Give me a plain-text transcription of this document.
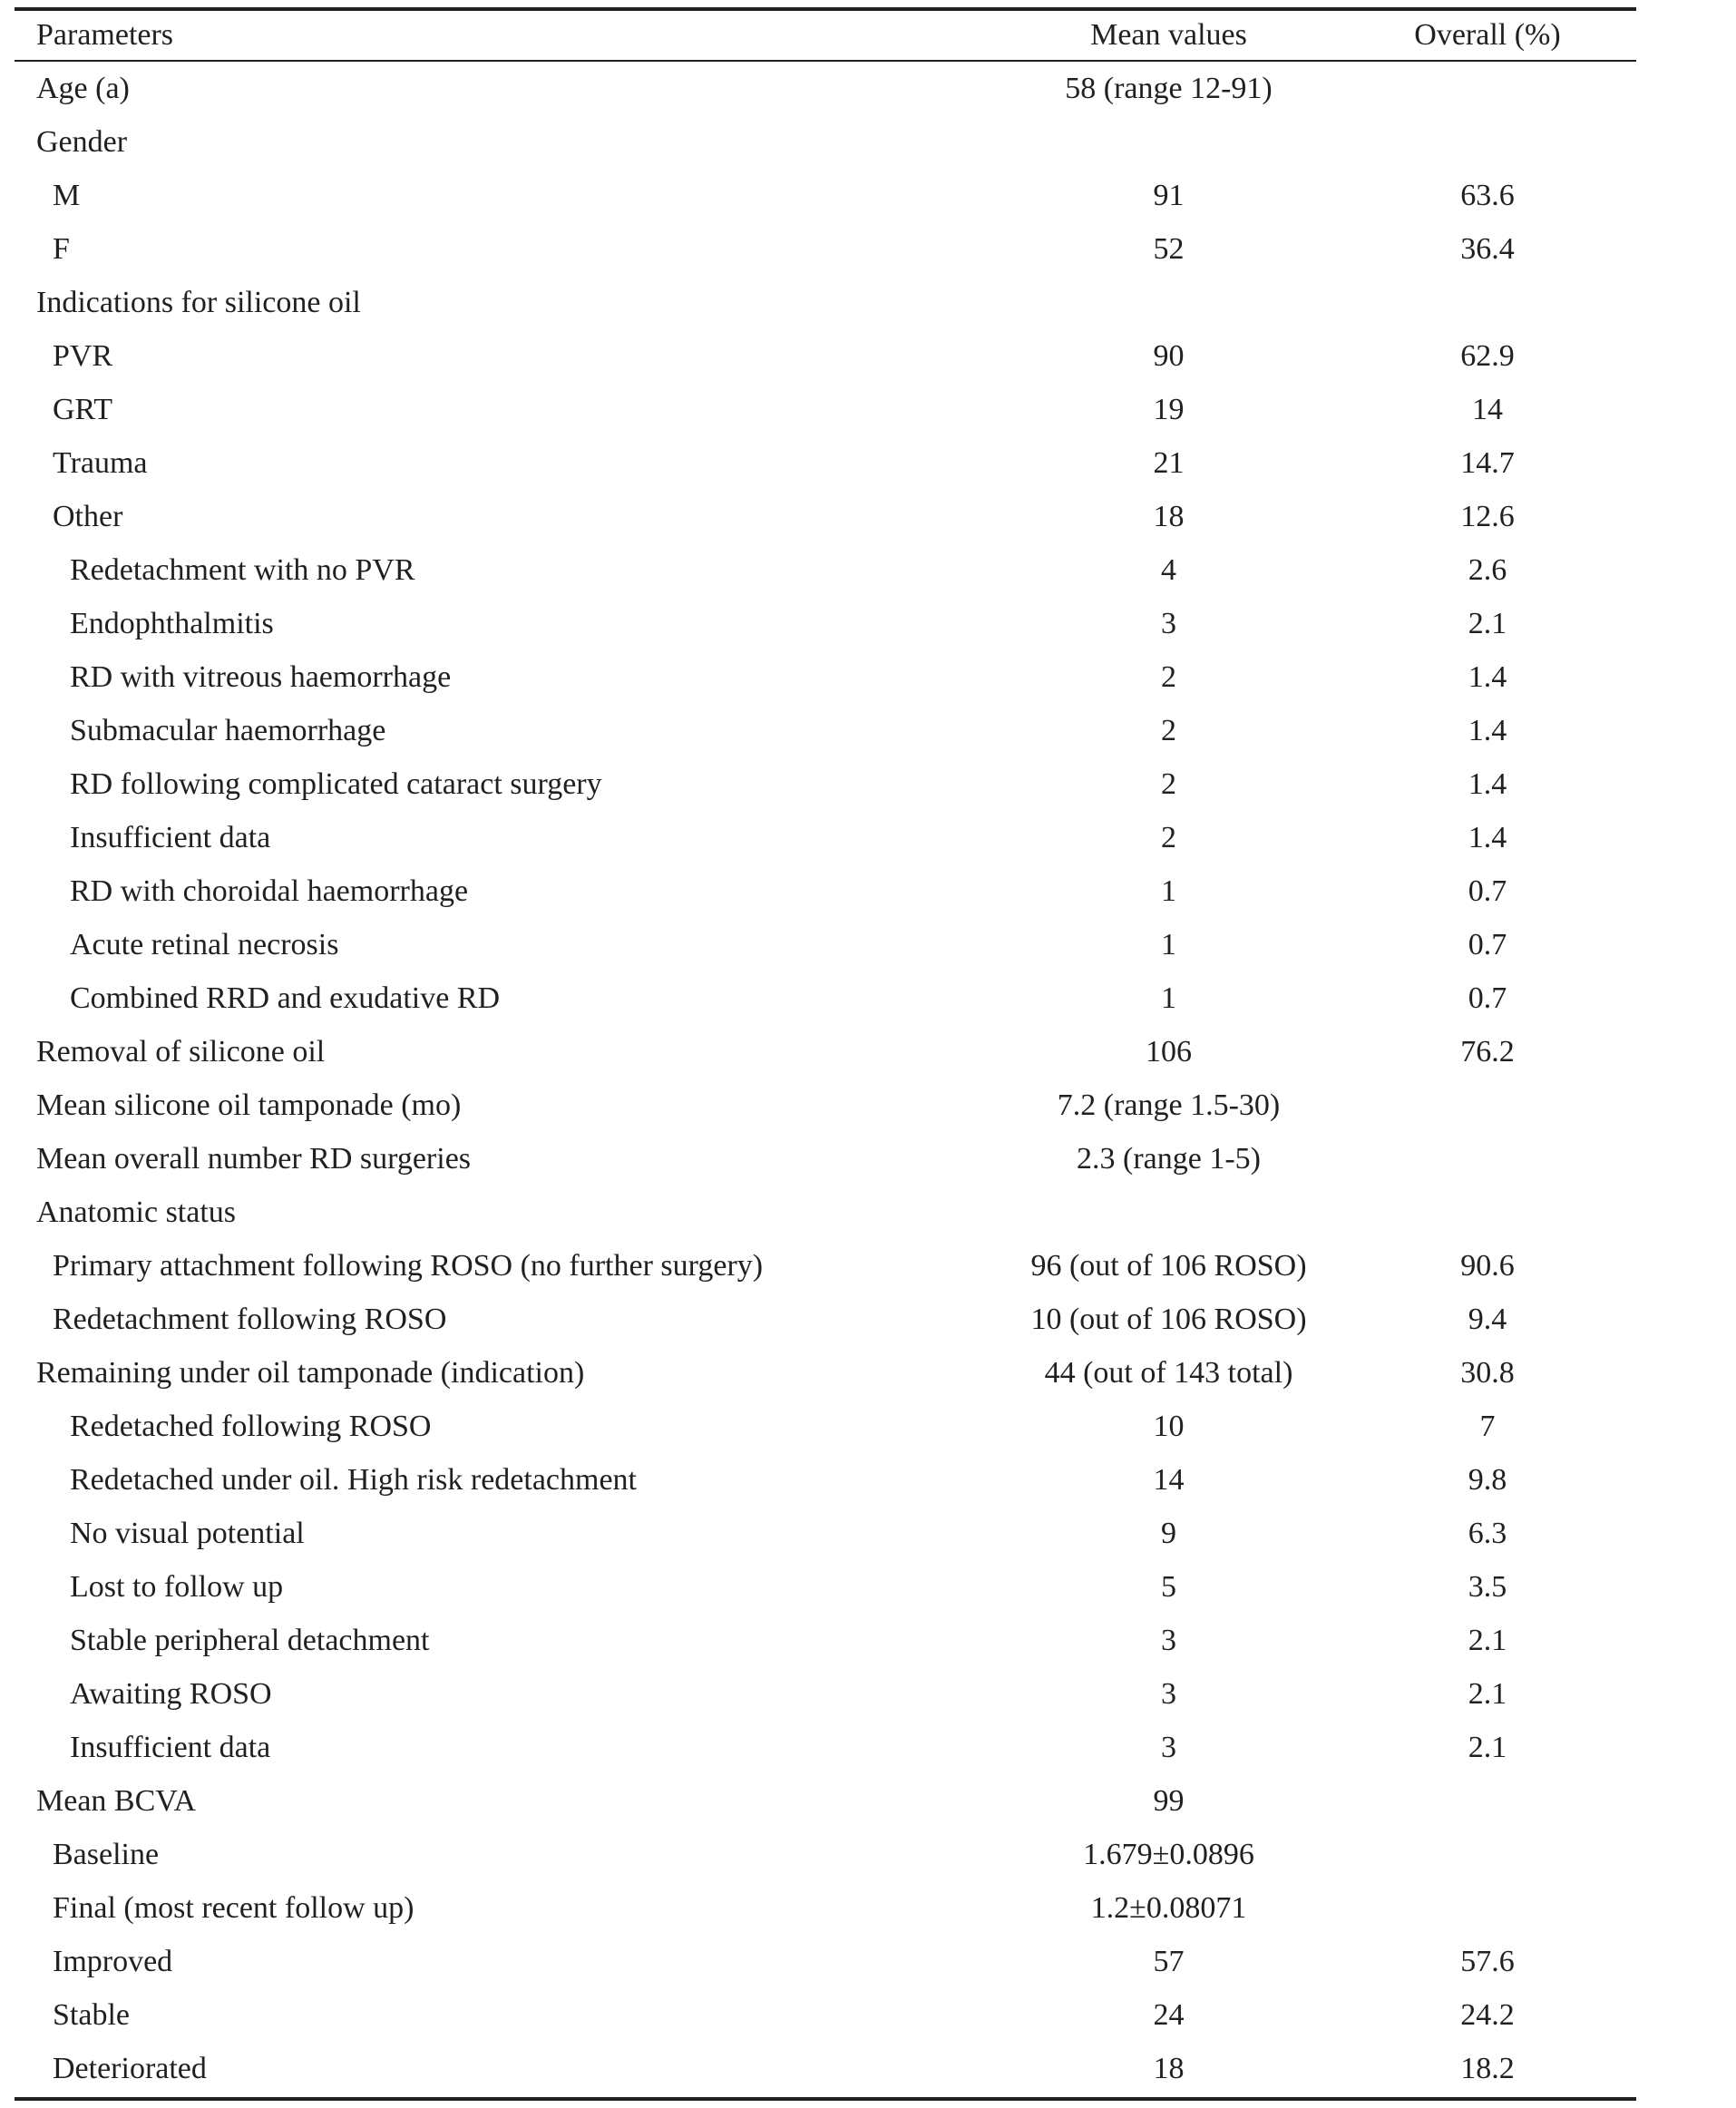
Parameters	Mean values	Overall (%)
Age (a)	58 (range 12-91)	
Gender		
M	91	63.6
F	52	36.4
Indications for silicone oil		
PVR	90	62.9
GRT	19	14
Trauma	21	14.7
Other	18	12.6
Redetachment with no PVR	4	2.6
Endophthalmitis	3	2.1
RD with vitreous haemorrhage	2	1.4
Submacular haemorrhage	2	1.4
RD following complicated cataract surgery	2	1.4
Insufficient data	2	1.4
RD with choroidal haemorrhage	1	0.7
Acute retinal necrosis	1	0.7
Combined RRD and exudative RD	1	0.7
Removal of silicone oil	106	76.2
Mean silicone oil tamponade (mo)	7.2 (range 1.5-30)	
Mean overall number RD surgeries	2.3 (range 1-5)	
Anatomic status		
Primary attachment following ROSO (no further surgery)	96 (out of 106 ROSO)	90.6
Redetachment following ROSO	10 (out of 106 ROSO)	9.4
Remaining under oil tamponade (indication)	44 (out of 143 total)	30.8
Redetached following ROSO	10	7
Redetached under oil. High risk redetachment	14	9.8
No visual potential	9	6.3
Lost to follow up	5	3.5
Stable peripheral detachment	3	2.1
Awaiting ROSO	3	2.1
Insufficient data	3	2.1
Mean BCVA	99	
Baseline	1.679±0.0896	
Final (most recent follow up)	1.2±0.08071	
Improved	57	57.6
Stable	24	24.2
Deteriorated	18	18.2
